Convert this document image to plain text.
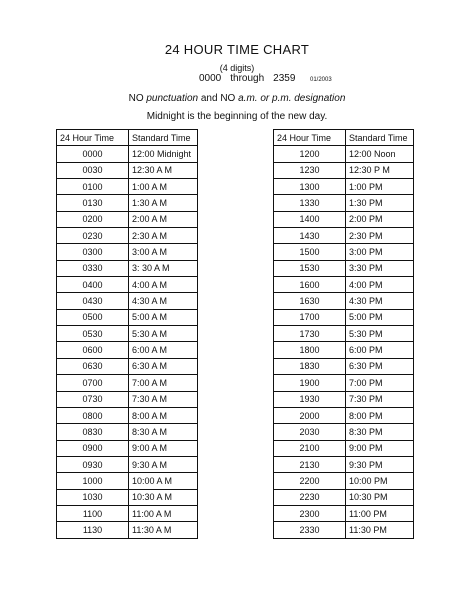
24 HOUR TIME CHART
(4 digits)
0000 through 2359 01/2003
NO punctuation and NO a.m. or p.m. designation
Midnight is the beginning of the new day.
24 Hour Time	Standard Time
0000	12:00 Midnight
0030	12:30 A M
0100	1:00 A M
0130	1:30 A M
0200	2:00 A M
0230	2:30 A M
0300	3:00 A M
0330	3: 30 A M
0400	4:00 A M
0430	4:30 A M
0500	5:00 A M
0530	5:30 A M
0600	6:00 A M
0630	6:30 A M
0700	7:00 A M
0730	7:30 A M
0800	8:00 A M
0830	8:30 A M
0900	9:00 A M
0930	9:30 A M
1000	10:00 A M
1030	10:30 A M
1100	11:00 A M
1130	11:30 A M
24 Hour Time	Standard Time
1200	12:00 Noon
1230	12:30 P M
1300	1:00 PM
1330	1:30 PM
1400	2:00 PM
1430	2:30 PM
1500	3:00 PM
1530	3:30 PM
1600	4:00 PM
1630	4:30 PM
1700	5:00 PM
1730	5:30 PM
1800	6:00 PM
1830	6:30 PM
1900	7:00 PM
1930	7:30 PM
2000	8:00 PM
2030	8:30 PM
2100	9:00 PM
2130	9:30 PM
2200	10:00 PM
2230	10:30 PM
2300	11:00 PM
2330	11:30 PM
